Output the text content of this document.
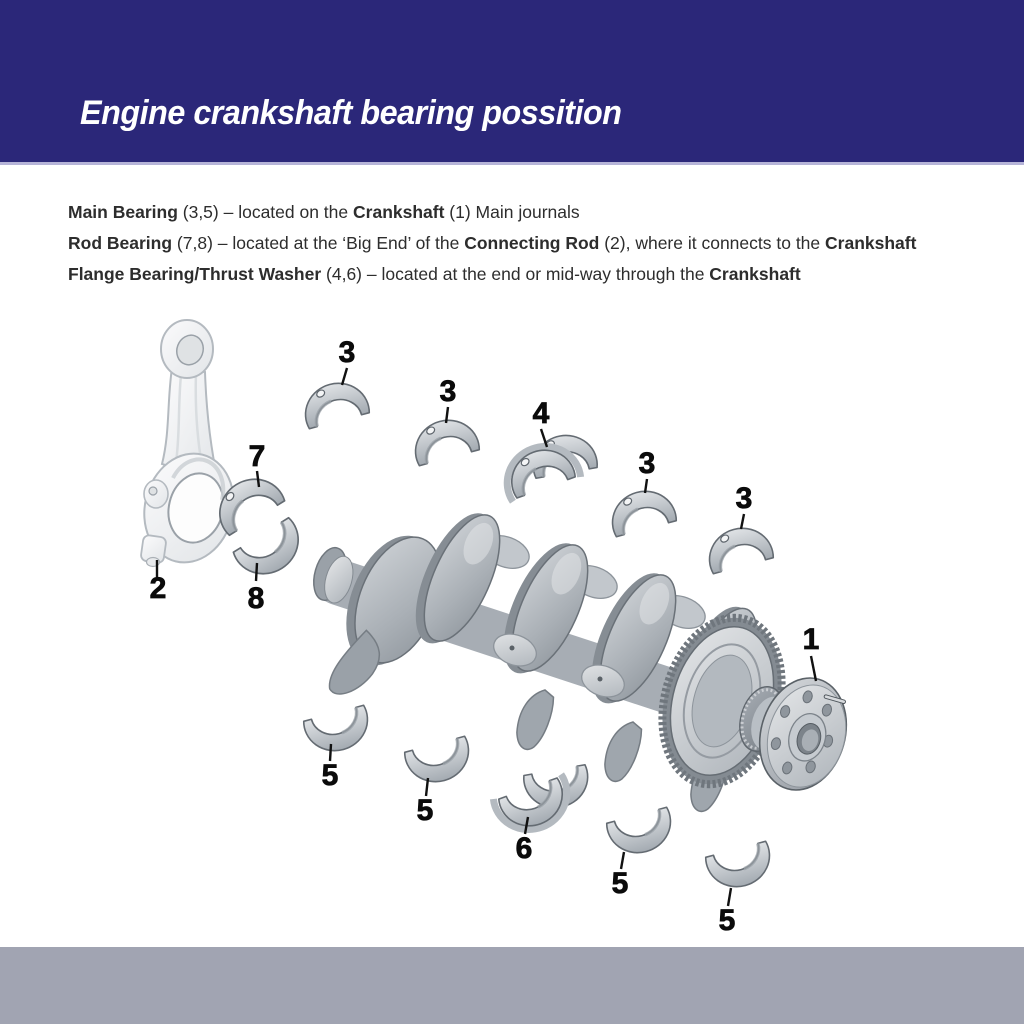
Engine crankshaft bearing possition

Main Bearing (3,5) – located on the Crankshaft (1) Main journals

Rod Bearing (7,8) – located at the ‘Big End’ of the Connecting Rod (2), where it connects to the Crankshaft

Flange Bearing/Thrust Washer (4,6) – located at the end or mid-way through the Crankshaft

1
2
3
3
4
3
3
7
8
5
5
6
5
5
